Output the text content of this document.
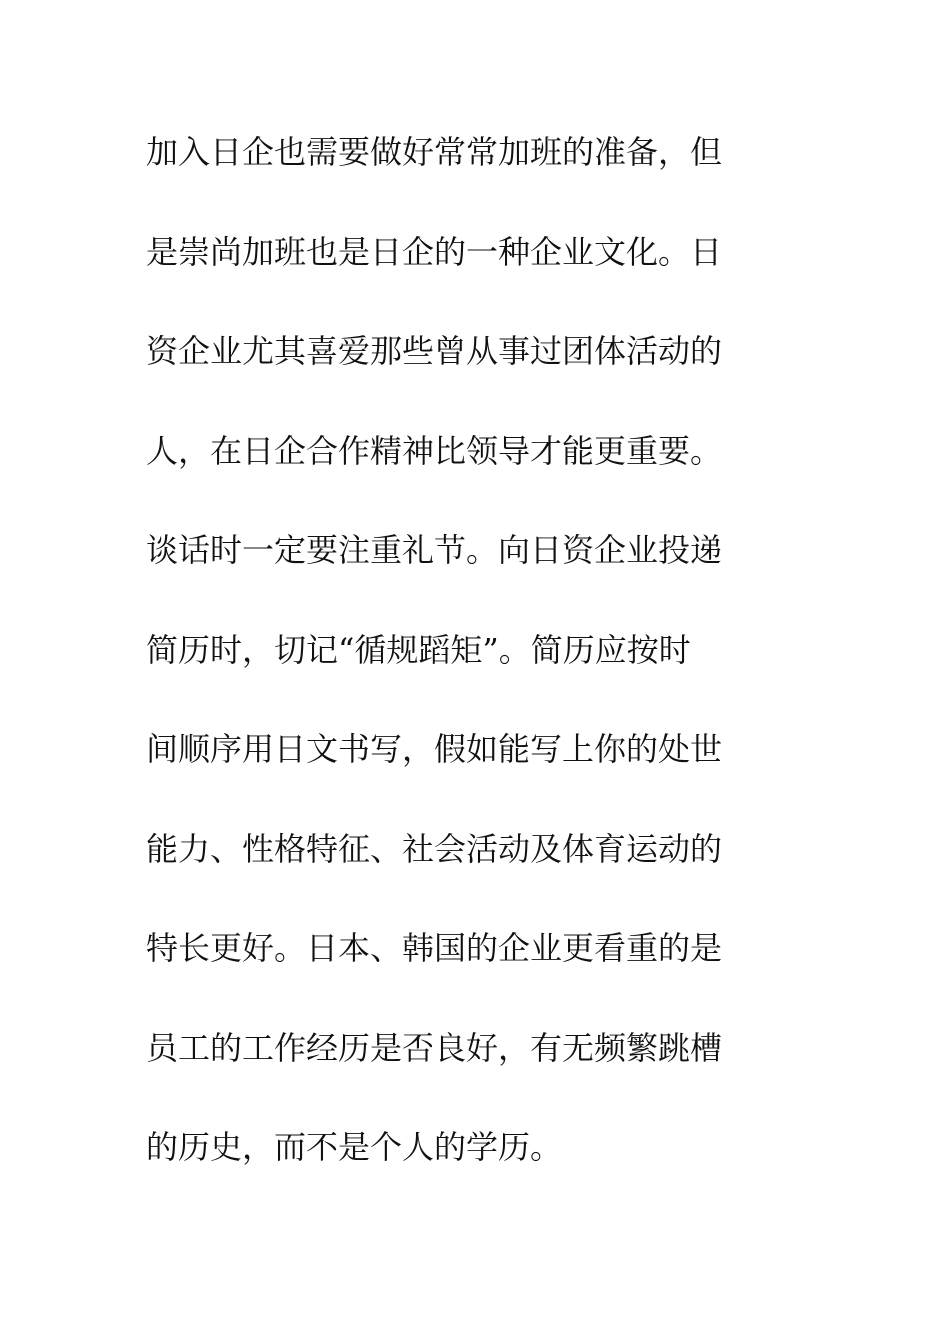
加入日企也需要做好常常加班的准备，但
是崇尚加班也是日企的一种企业文化。日
资企业尤其喜爱那些曾从事过团体活动的
人，在日企合作精神比领导才能更重要。
谈话时一定要注重礼节。向日资企业投递
简历时，切记“循规蹈矩”。简历应按时
间顺序用日文书写，假如能写上你的处世
能力、性格特征、社会活动及体育运动的
特长更好。日本、韩国的企业更看重的是
员工的工作经历是否良好，有无频繁跳槽
的历史，而不是个人的学历。
